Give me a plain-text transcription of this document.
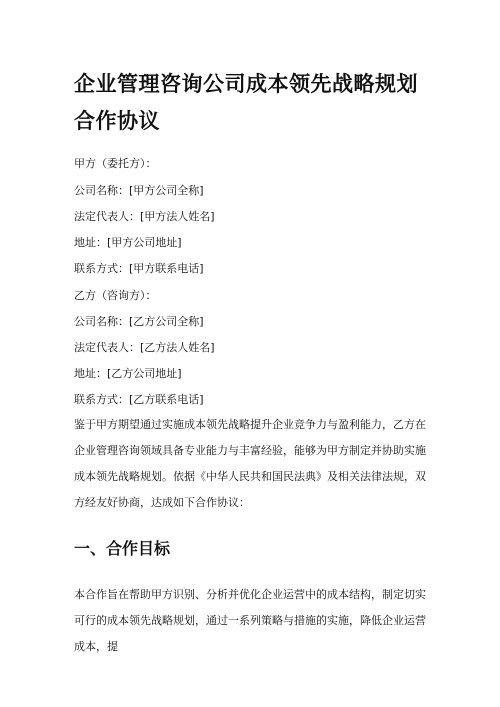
企业管理咨询公司成本领先战略规划合作协议

甲方（委托方）：

公司名称：[甲方公司全称]

法定代表人：[甲方法人姓名]

地址：[甲方公司地址]

联系方式：[甲方联系电话]

乙方（咨询方）：

公司名称：[乙方公司全称]

法定代表人：[乙方法人姓名]

地址：[乙方公司地址]

联系方式：[乙方联系电话]

鉴于甲方期望通过实施成本领先战略提升企业竞争力与盈利能力，乙方在企业管理咨询领域具备专业能力与丰富经验，能够为甲方制定并协助实施成本领先战略规划。依据《中华人民共和国民法典》及相关法律法规，双方经友好协商，达成如下合作协议：

一、合作目标

本合作旨在帮助甲方识别、分析并优化企业运营中的成本结构，制定切实可行的成本领先战略规划，通过一系列策略与措施的实施，降低企业运营成本，提
